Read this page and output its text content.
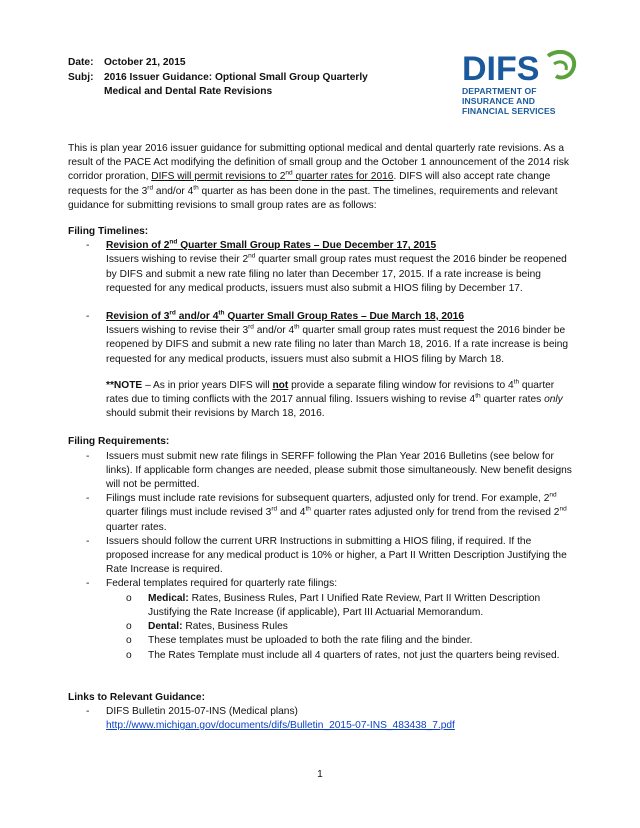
Date:	October 21, 2015
Subj:	2016 Issuer Guidance: Optional Small Group Quarterly
Medical and Dental Rate Revisions
DIFS
DEPARTMENT OF
INSURANCE AND
FINANCIAL SERVICES

This is plan year 2016 issuer guidance for submitting optional medical and dental quarterly rate revisions. As a result of the PACE Act modifying the definition of small group and the October 1 announcement of the 2014 risk corridor proration, DIFS will permit revisions to 2nd quarter rates for 2016. DIFS will also accept rate change requests for the 3rd and/or 4th quarter as has been done in the past. The timelines, requirements and relevant guidance for submitting revisions to small group rates are as follows:

Filing Timelines:

-	Revision of 2nd Quarter Small Group Rates – Due December 17, 2015

Issuers wishing to revise their 2nd quarter small group rates must request the 2016 binder be reopened by DIFS and submit a new rate filing no later than December 17, 2015. If a rate increase is being requested for any medical products, issuers must also submit a HIOS filing by December 17.

-	Revision of 3rd and/or 4th Quarter Small Group Rates – Due March 18, 2016

Issuers wishing to revise their 3rd and/or 4th quarter small group rates must request the 2016 binder be reopened by DIFS and submit a new rate filing no later than March 18, 2016. If a rate increase is being requested for any medical products, issuers must also submit a HIOS filing by March 18.

**NOTE – As in prior years DIFS will not provide a separate filing window for revisions to 4th quarter rates due to timing conflicts with the 2017 annual filing. Issuers wishing to revise 4th quarter rates only should submit their revisions by March 18, 2016.

Filing Requirements:

-	Issuers must submit new rate filings in SERFF following the Plan Year 2016 Bulletins (see below for links). If applicable form changes are needed, please submit those simultaneously. New benefit designs will not be permitted.
-	Filings must include rate revisions for subsequent quarters, adjusted only for trend. For example, 2nd quarter filings must include revised 3rd and 4th quarter rates adjusted only for trend from the revised 2nd quarter rates.
-	Issuers should follow the current URR Instructions in submitting a HIOS filing, if required. If the proposed increase for any medical product is 10% or higher, a Part II Written Description Justifying the Rate Increase is required.
-	Federal templates required for quarterly rate filings:
o	Medical: Rates, Business Rules, Part I Unified Rate Review, Part II Written Description Justifying the Rate Increase (if applicable), Part III Actuarial Memorandum.
o	Dental: Rates, Business Rules
o	These templates must be uploaded to both the rate filing and the binder.
o	The Rates Template must include all 4 quarters of rates, not just the quarters being revised.

Links to Relevant Guidance:

-	DIFS Bulletin 2015-07-INS (Medical plans)

http://www.michigan.gov/documents/difs/Bulletin_2015-07-INS_483438_7.pdf

1
